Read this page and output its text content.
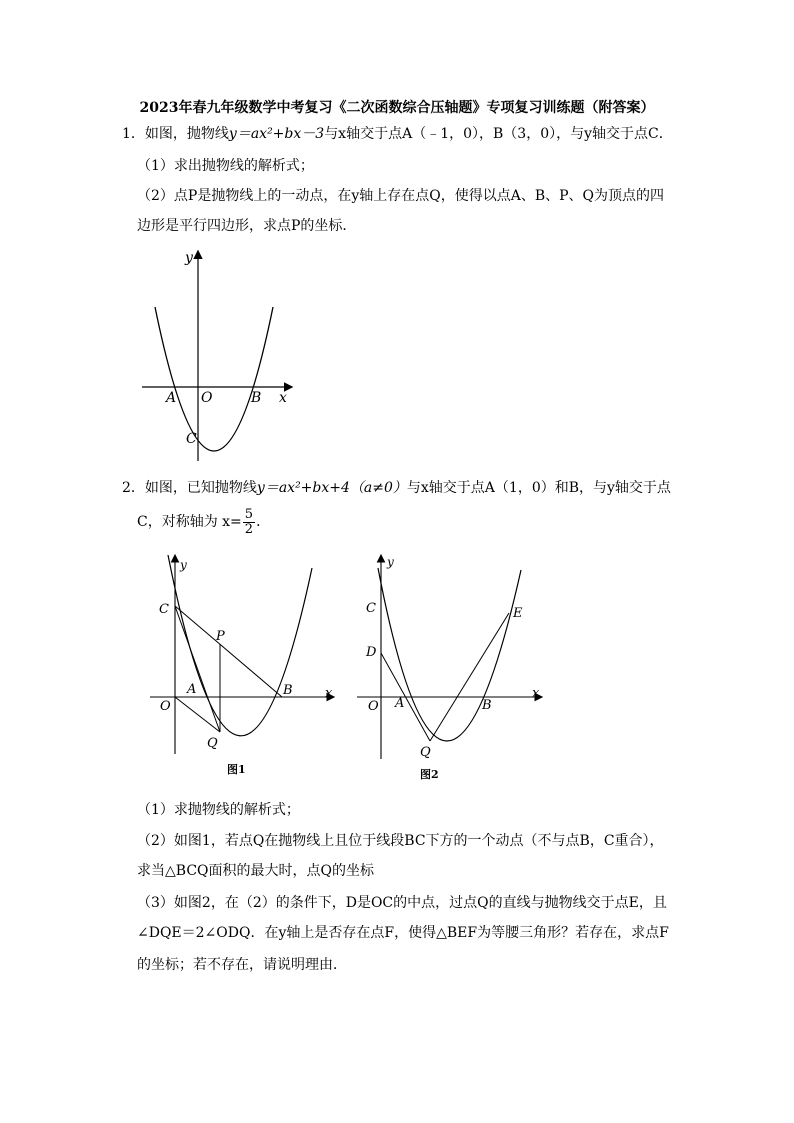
2023年春九年级数学中考复习《二次函数综合压轴题》专项复习训练题（附答案）
1．如图，抛物线y＝ax²+bx－3与x轴交于点A（﹣1，0），B（3，0），与y轴交于点C．
（1）求出抛物线的解析式；
（2）点P是抛物线上的一动点，在y轴上存在点Q，使得以点A、B、P、Q为顶点的四
边形是平行四边形，求点P的坐标．
y
x
A O	B
C
2．如图，已知抛物线y＝ax²+bx+4（a≠0）与x轴交于点A（1，0）和B，与y轴交于点
C，对称轴为 $x= \frac{5}{2}$ ．
y
x
C
P
A
O
B
Q
图1
y
x
C
D
E
O A	B
Q
图2
（1）求抛物线的解析式；
（2）如图1，若点Q在抛物线上且位于线段BC下方的一个动点（不与点B，C重合），
求当△BCQ面积的最大时，点Q的坐标
（3）如图2，在（2）的条件下，D是OC的中点，过点Q的直线与抛物线交于点E，且
∠DQE＝2∠ODQ．在y轴上是否存在点F，使得△BEF为等腰三角形？若存在，求点F
的坐标；若不存在，请说明理由．
